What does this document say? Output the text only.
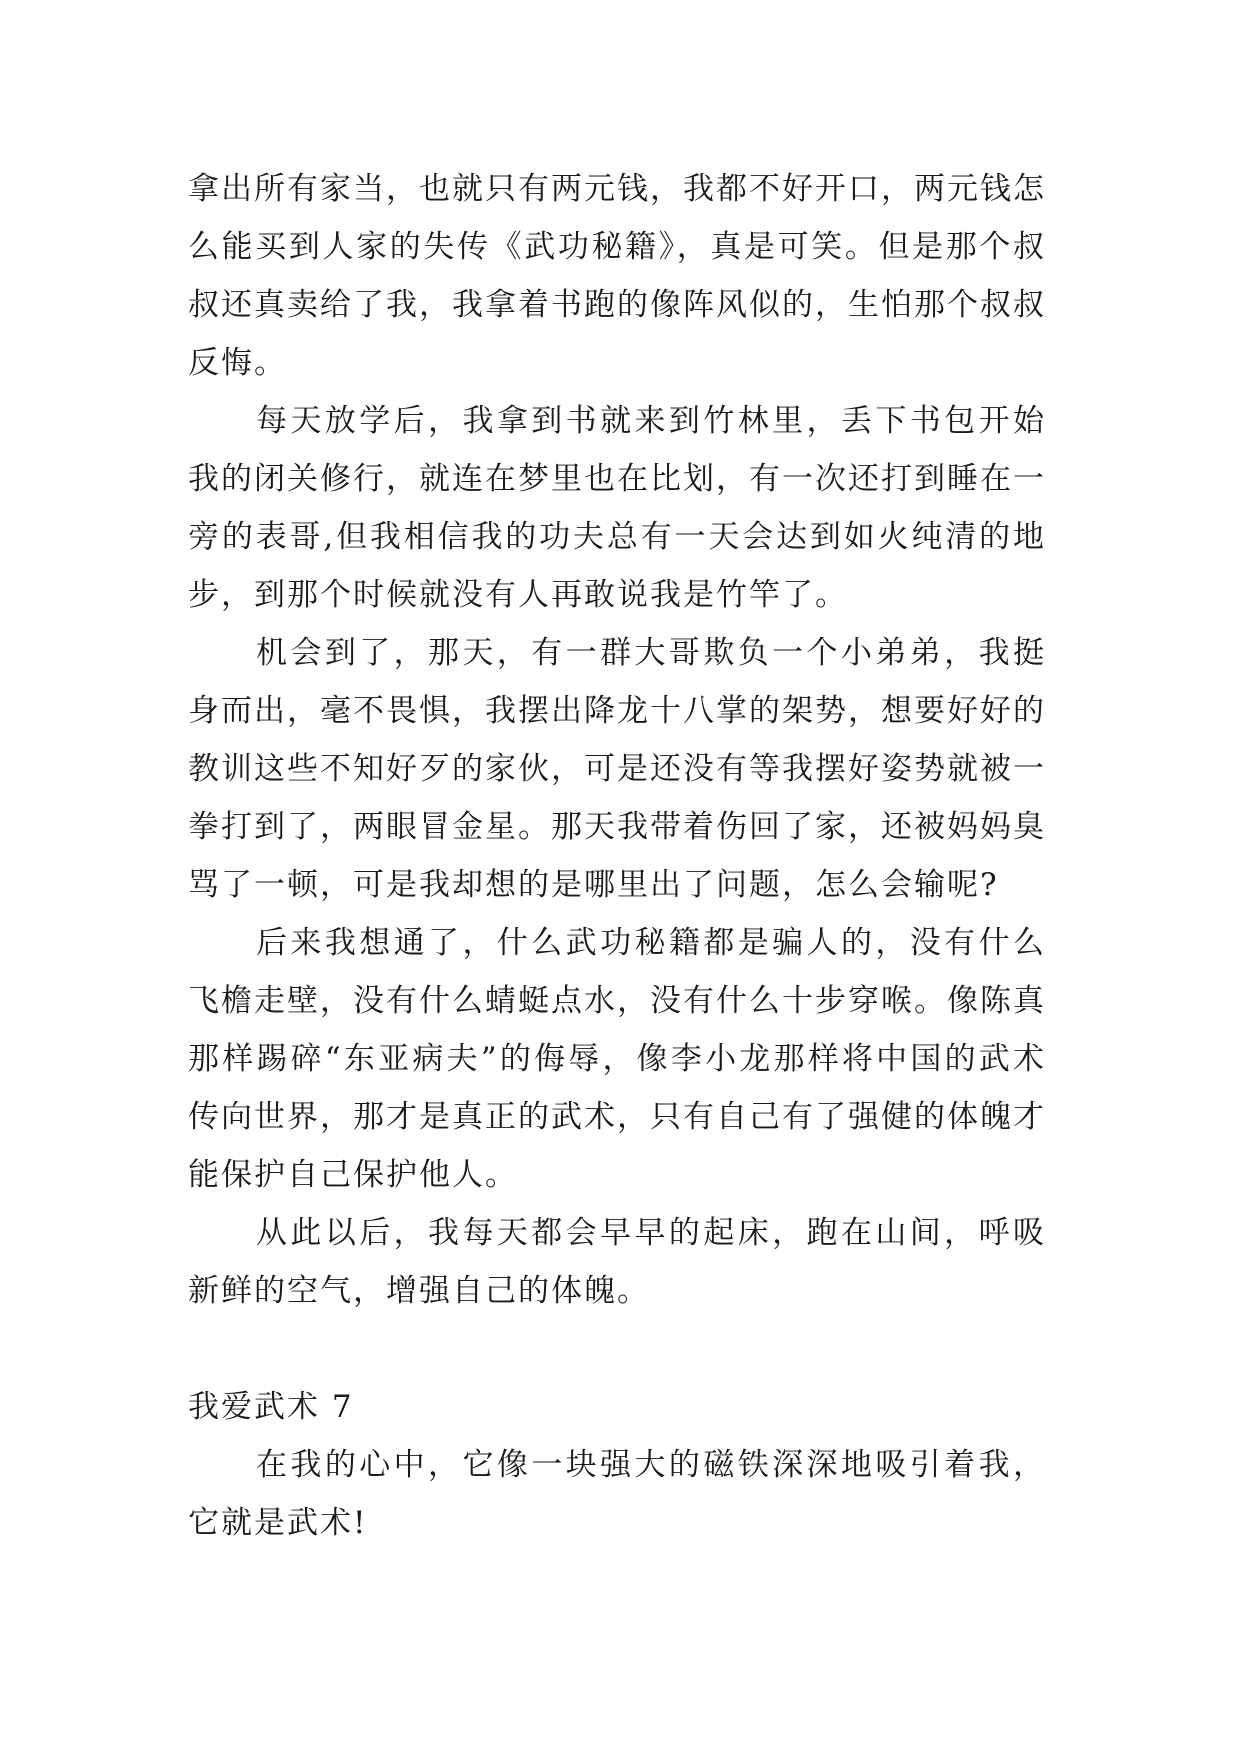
拿出所有家当，也就只有两元钱，我都不好开口，两元钱怎么能买到人家的失传《武功秘籍》，真是可笑。但是那个叔叔还真卖给了我，我拿着书跑的像阵风似的，生怕那个叔叔反悔。

每天放学后，我拿到书就来到竹林里，丢下书包开始我的闭关修行，就连在梦里也在比划，有一次还打到睡在一旁的表哥,但我相信我的功夫总有一天会达到如火纯清的地步，到那个时候就没有人再敢说我是竹竿了。

机会到了，那天，有一群大哥欺负一个小弟弟，我挺身而出，毫不畏惧，我摆出降龙十八掌的架势，想要好好的教训这些不知好歹的家伙，可是还没有等我摆好姿势就被一拳打到了，两眼冒金星。那天我带着伤回了家，还被妈妈臭骂了一顿，可是我却想的是哪里出了问题，怎么会输呢?

后来我想通了，什么武功秘籍都是骗人的，没有什么飞檐走壁，没有什么蜻蜓点水，没有什么十步穿喉。像陈真那样踢碎“东亚病夫”的侮辱，像李小龙那样将中国的武术传向世界，那才是真正的武术，只有自己有了强健的体魄才能保护自己保护他人。

从此以后，我每天都会早早的起床，跑在山间，呼吸新鲜的空气，增强自己的体魄。

我爱武术 7

在我的心中，它像一块强大的磁铁深深地吸引着我，它就是武术!
